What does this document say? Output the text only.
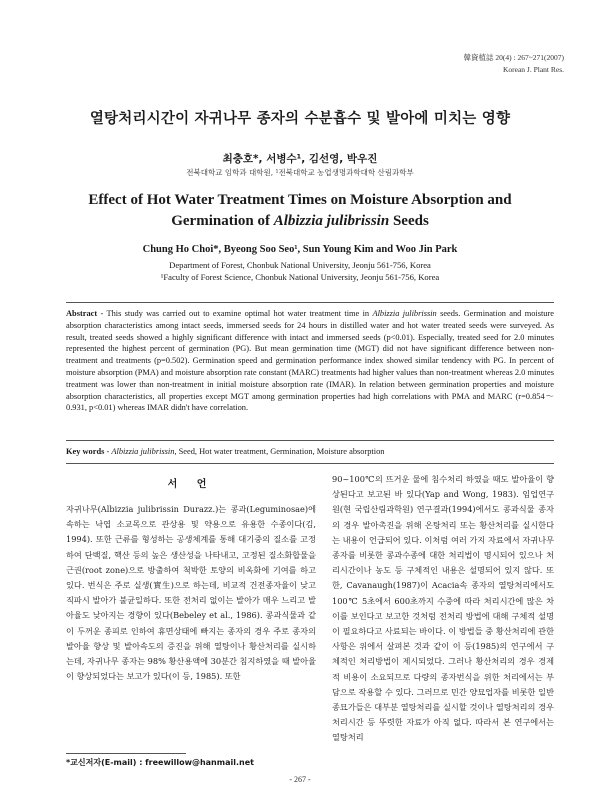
韓資植誌 20(4) : 267~271(2007)
Korean J. Plant Res.
열탕처리시간이 자귀나무 종자의 수분흡수 및 발아에 미치는 영향
최충호*, 서병수¹, 김선영, 박우진
전북대학교 임학과 대학원, ¹전북대학교 농업생명과학대학 산림과학부
Effect of Hot Water Treatment Times on Moisture Absorption and
Germination of Albizzia julibrissin Seeds
Chung Ho Choi*, Byeong Soo Seo¹, Sun Young Kim and Woo Jin Park
Department of Forest, Chonbuk National University, Jeonju 561-756, Korea
¹Faculty of Forest Science, Chonbuk National University, Jeonju 561-756, Korea
Abstract - This study was carried out to examine optimal hot water treatment time in Albizzia julibrissin seeds. Germination and moisture absorption characteristics among intact seeds, immersed seeds for 24 hours in distilled water and hot water treated seeds were surveyed. As result, treated seeds showed a highly significant difference with intact and immersed seeds (p<0.01). Especially, treated seed for 2.0 minutes represented the highest percent of germination (PG). But mean germination time (MGT) did not have significant difference between non-treatment and treatments (p=0.502). Germination speed and germination performance index showed similar tendency with PG. In percent of moisture absorption (PMA) and moisture absorption rate constant (MARC) treatments had higher values than non-treatment whereas 2.0 minutes treatment was lower than non-treatment in initial moisture absorption rate (IMAR). In relation between germination properties and moisture absorption characteristics, all properties except MGT among germination properties had high correlations with PMA and MARC (r=0.854～0.931, p<0.01) whereas IMAR didn't have correlation.
Key words - Albizzia julibrissin, Seed, Hot water treatment, Germination, Moisture absorption
서 언
자귀나무(Albizzia julibrissin Durazz.)는 콩과(Leguminosae)에 속하는 낙엽 소교목으로 관상용 및 약용으로 유용한 수종이다(김, 1994). 또한 근류를 형성하는 공생체계를 통해 대기중의 질소를 고정하여 단백질, 핵산 등의 높은 생산성을 나타내고, 고정된 질소화합물을 근권(root zone)으로 방출하여 척박한 토양의 비옥화에 기여를 하고 있다. 번식은 주로 실생(實生)으로 하는데, 비교적 건전종자율이 낮고 직파시 발아가 불균일하다. 또한 전처리 없이는 발아가 매우 느리고 발아율도 낮아지는 경향이 있다(Bebeley et al., 1986). 콩과식물과 같이 두꺼운 종피로 인하여 휴면상태에 빠지는 종자의 경우 주로 종자의 발아율 향상 및 발아속도의 증진을 위해 열탕이나 황산처리를 실시하는데, 자귀나무 종자는 98% 황산용액에 30분간 침지하였을 때 발아율이 향상되었다는 보고가 있다(이 등, 1985). 또한
90~100℃의 뜨거운 물에 침수처리 하였을 때도 발아율이 향상된다고 보고된 바 있다(Yap and Wong, 1983). 임업연구원(현 국립산림과학원) 연구결과(1994)에서도 콩과식물 종자의 경우 발아촉진을 위해 온탕처리 또는 황산처리를 실시한다는 내용이 언급되어 있다. 이처럼 여러 가지 자료에서 자귀나무 종자를 비롯한 콩과수종에 대한 처리법이 명시되어 있으나 처리시간이나 농도 등 구체적인 내용은 설명되어 있지 않다. 또한, Cavanaugh(1987)이 Acacia속 종자의 열탕처리에서도 100℃ 5초에서 600초까지 수중에 따라 처리시간에 많은 차이를 보인다고 보고한 것처럼 전처리 방법에 대해 구체적 설명이 필요하다고 사료되는 바이다. 이 방법들 중 황산처리에 관한 사항은 위에서 살펴본 것과 같이 이 등(1985)의 연구에서 구체적인 처리방법이 제시되었다. 그러나 황산처리의 경우 경제적 비용이 소요되므로 다량의 종자번식을 위한 처리에서는 부담으로 작용할 수 있다. 그러므로 민간 양묘업자를 비롯한 일반 종묘가들은 대부분 열탕처리를 실시할 것이나 열탕처리의 경우 처리시간 등 뚜렷한 자료가 아직 없다. 따라서 본 연구에서는 열탕처리
*교신저자(E-mail) : freewillow@hanmail.net
- 267 -
